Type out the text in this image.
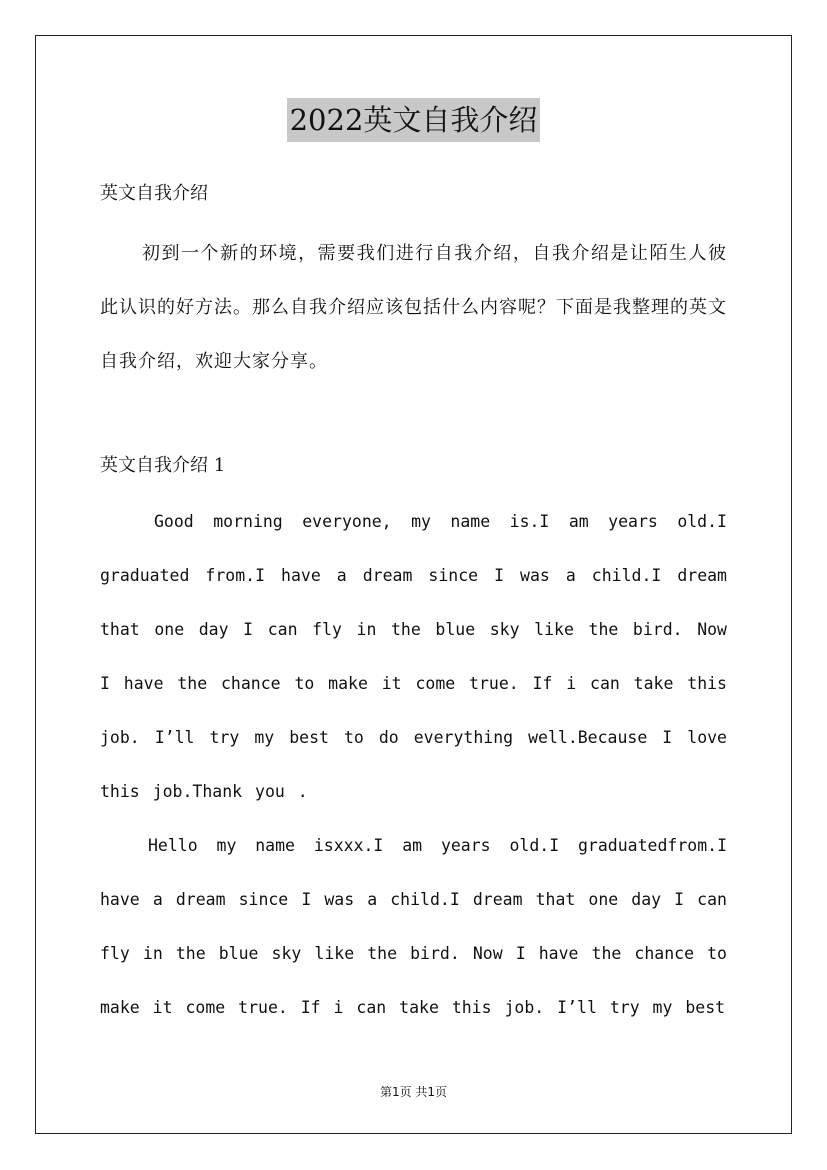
2022英文自我介绍

英文自我介绍

初到一个新的环境，需要我们进行自我介绍，自我介绍是让陌生人彼此认识的好方法。那么自我介绍应该包括什么内容呢？下面是我整理的英文自我介绍，欢迎大家分享。

英文自我介绍 1

Good morning everyone, my name is.I am years old.I graduated from.I have a dream since I was a child.I dream that one day I can fly in the blue sky like the bird. Now I have the chance to make it come true. If i can take this job. I’ll try my best to do everything well.Because I love this job.Thank you .

Hello my name isxxx.I am years old.I graduatedfrom.I have a dream since I was a child.I dream that one day I can fly in the blue sky like the bird. Now I have the chance to make it come true. If i can take this job. I’ll try my best

第1页 共1页
